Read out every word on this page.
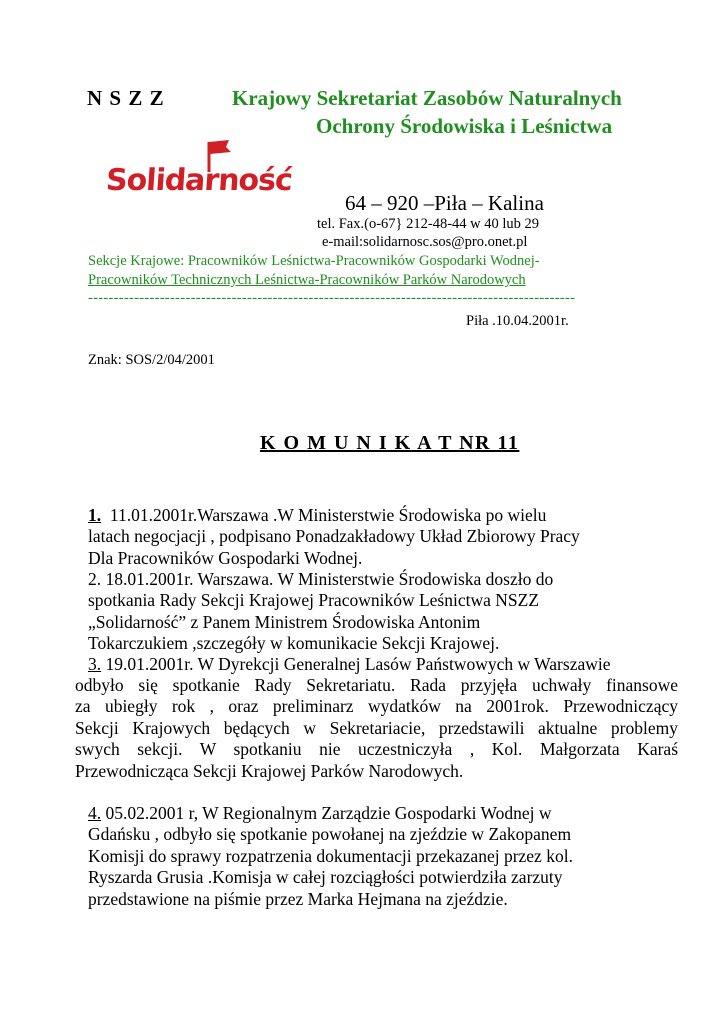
N S Z Z	Krajowy Sekretariat Zasobów Naturalnych
Ochrony Środowiska i Leśnictwa
Solidarność
64 – 920 –Piła – Kalina
tel. Fax.(o-67} 212-48-44 w 40 lub 29
e-mail:solidarnosc.sos@pro.onet.pl
Sekcje Krajowe: Pracowników Leśnictwa-Pracowników Gospodarki Wodnej-
Pracowników Technicznych Leśnictwa-Pracowników Parków Narodowych
-----------------------------------------------------------------------------------------------
Piła .10.04.2001r.
Znak: SOS/2/04/2001
K O M U N I K A T NR 11
1. 11.01.2001r.Warszawa .W Ministerstwie Środowiska po wielu
latach negocjacji , podpisano Ponadzakładowy Układ Zbiorowy Pracy
Dla Pracowników Gospodarki Wodnej.
2. 18.01.2001r. Warszawa. W Ministerstwie Środowiska doszło do
spotkania Rady Sekcji Krajowej Pracowników Leśnictwa NSZZ
„Solidarność” z Panem Ministrem Środowiska Antonim
Tokarczukiem ,szczegóły w komunikacie Sekcji Krajowej.
3. 19.01.2001r. W Dyrekcji Generalnej Lasów Państwowych w Warszawie
odbyło się spotkanie Rady Sekretariatu. Rada przyjęła uchwały finansowe
za ubiegły rok , oraz preliminarz wydatków na 2001rok. Przewodniczący
Sekcji Krajowych będących w Sekretariacie, przedstawili aktualne problemy
swych sekcji. W spotkaniu nie uczestniczyła , Kol. Małgorzata Karaś
Przewodnicząca Sekcji Krajowej Parków Narodowych.
4. 05.02.2001 r, W Regionalnym Zarządzie Gospodarki Wodnej w
Gdańsku , odbyło się spotkanie powołanej na zjeździe w Zakopanem
Komisji do sprawy rozpatrzenia dokumentacji przekazanej przez kol.
Ryszarda Grusia .Komisja w całej rozciągłości potwierdziła zarzuty
przedstawione na piśmie przez Marka Hejmana na zjeździe.
